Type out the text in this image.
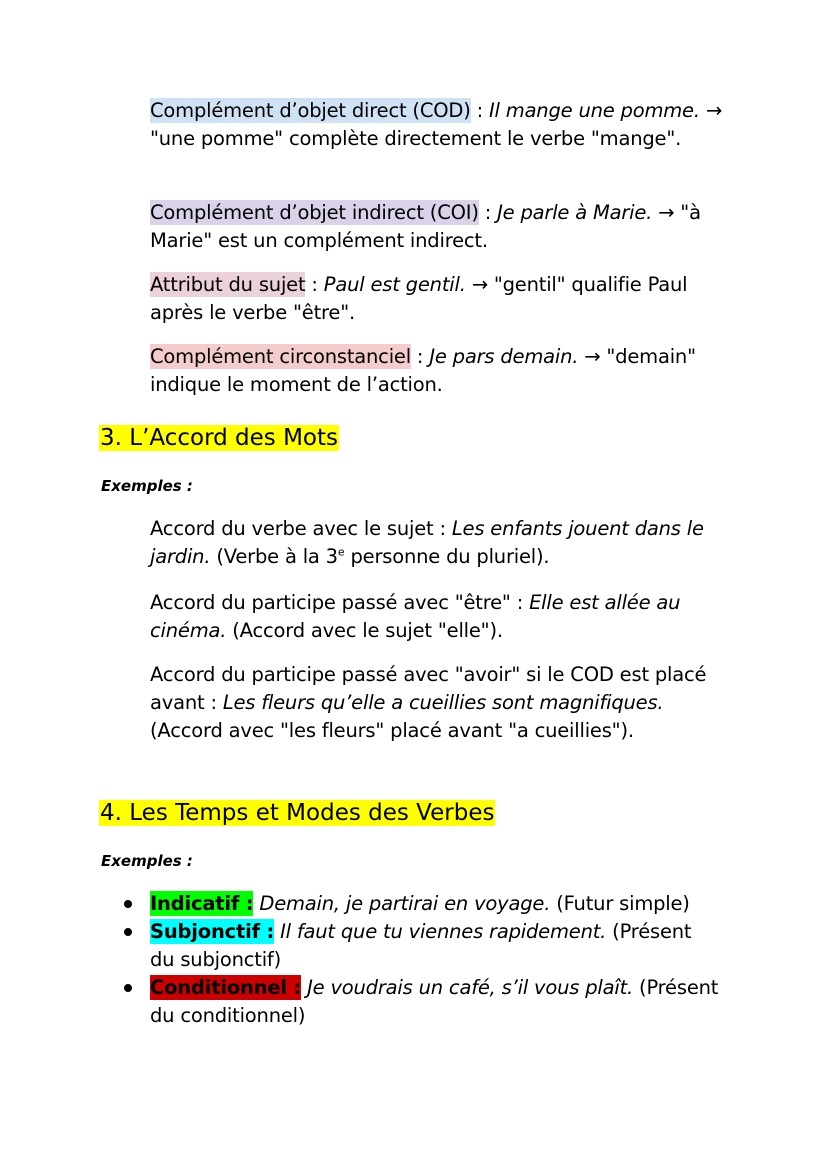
Complément d’objet direct (COD) : Il mange une pomme. → "une pomme" complète directement le verbe "mange".

Complément d’objet indirect (COI) : Je parle à Marie. → "à Marie" est un complément indirect.

Attribut du sujet : Paul est gentil. → "gentil" qualifie Paul après le verbe "être".

Complément circonstanciel : Je pars demain. → "demain" indique le moment de l’action.

3. L’Accord des Mots

Exemples :

Accord du verbe avec le sujet : Les enfants jouent dans le jardin. (Verbe à la 3e personne du pluriel).

Accord du participe passé avec "être" : Elle est allée au cinéma. (Accord avec le sujet "elle").

Accord du participe passé avec "avoir" si le COD est placé avant : Les fleurs qu’elle a cueillies sont magnifiques. (Accord avec "les fleurs" placé avant "a cueillies").

4. Les Temps et Modes des Verbes

Exemples :

Indicatif : Demain, je partirai en voyage. (Futur simple)
Subjonctif : Il faut que tu viennes rapidement. (Présent du subjonctif)
Conditionnel : Je voudrais un café, s’il vous plaît. (Présent du conditionnel)
